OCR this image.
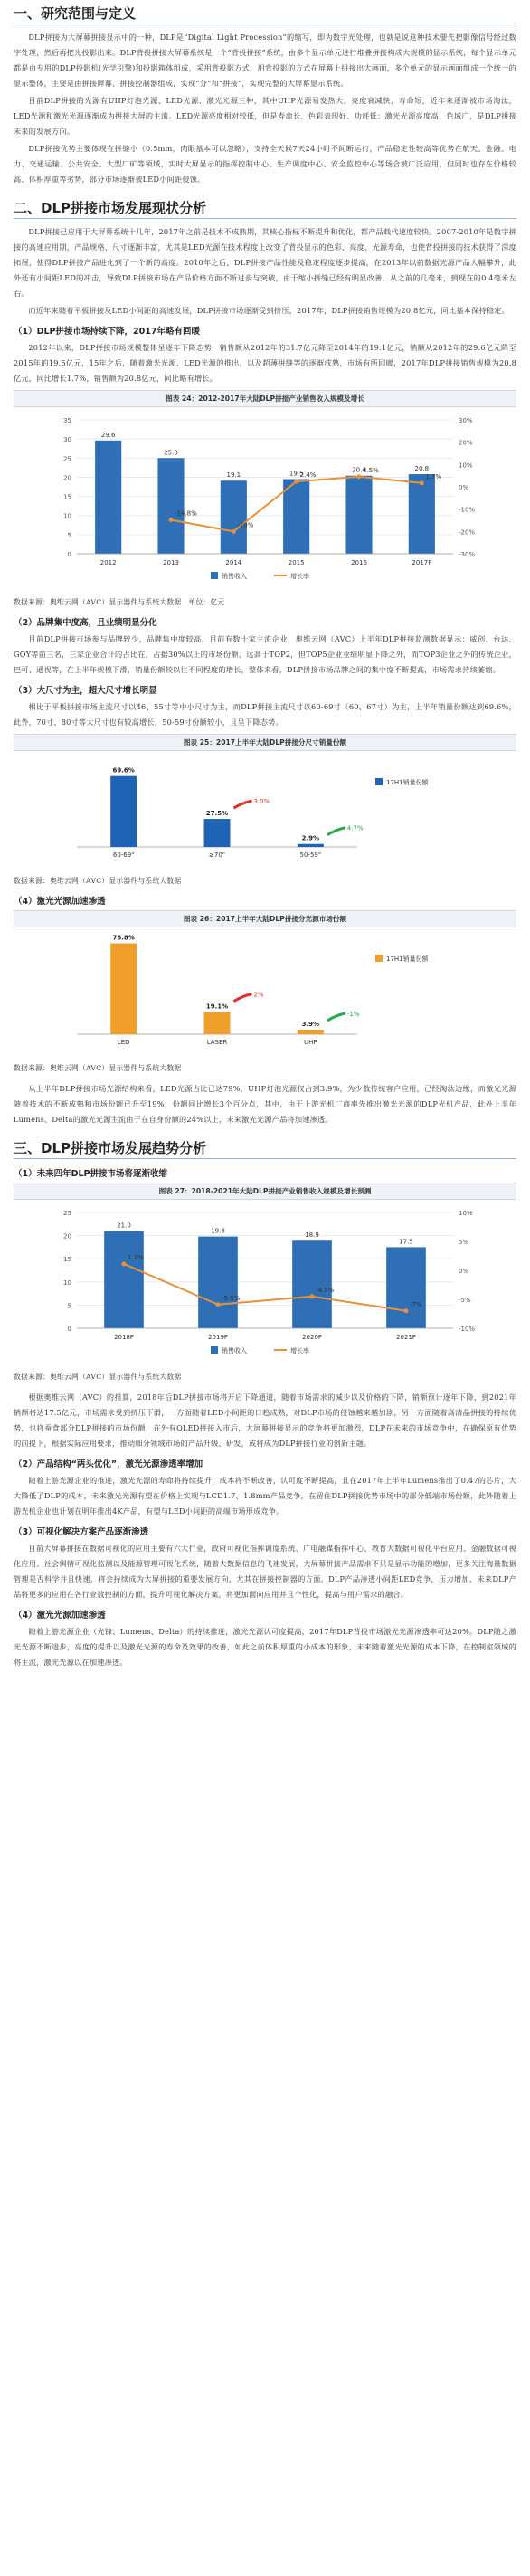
一、研究范围与定义

DLP拼接为大屏幕拼接显示中的一种，DLP是“Digital Light Procession”的缩写，即为数字光处理，也就是说这种技术要先把影像信号经过数字处理，然后再把光投影出来。DLP背投拼接大屏幕系统是一个“背投拼接”系统，由多个显示单元进行堆叠拼接构成大规模的显示系统，每个显示单元都是由专用的DLP投影机(光学引擎)和投影箱体组成，采用背投影方式，用背投影的方式在屏幕上拼接出大画面，多个单元的显示画面组成一个统一的显示整体，主要是由拼接屏幕、拼接控制器组成，实现“分”和“拼接”，实现完整的大屏幕显示系统。

目前DLP拼接的光源有UHP灯泡光源、LED光源、激光光源三种，其中UHP光源易发热大，亮度衰减快，寿命短，近年来逐渐被市场淘汰，LED光源和激光光源逐渐成为拼接大屏的主流。LED光源亮度相对较低，但是寿命长、色彩表现好、功耗低；激光光源亮度高、色域广，是DLP拼接未来的发展方向。

DLP拼接优势主要体现在拼缝小（0.5mm，肉眼基本可以忽略），支持全天候7天24小时不间断运行，产品稳定性较高等优势在航天、金融、电力、交通运输、公共安全、大型厂矿等领域，实时大屏显示的指挥控制中心、生产调度中心、安全监控中心等场合被广泛应用，但同时也存在价格较高、体积厚重等劣势，部分市场逐渐被LED小间距侵蚀。

二、DLP拼接市场发展现状分析

DLP拼接已应用于大屏幕系统十几年，2017年之前是技术不成熟期，其核心指标不断提升和优化，都产品载代速度较快。2007-2010年是数字拼接的高速应用期，产品规格、尺寸逐渐丰富，尤其是LED光源在技术程度上改变了背投显示的色彩、亮度、光源寿命，也使背投拼接的技术获得了深度拓展，使得DLP拼接产品进化到了一个新的高度。2010年之后，DLP拼接产品性能及稳定程度逐步提高，在2013年以前数据光源产品大幅攀升，此外还有小间距LED的冲击，导致DLP拼接市场在产品价格方面不断进步与突破，由于缩小拼缝已经有明显改善，从之前的几毫米，到现在的0.4毫米左右。

而近年来随着平板拼接及LED小间距的高速发展，DLP拼接市场逐渐受到挤压，2017年，DLP拼接销售规模为20.8亿元，同比基本保持稳定。

（1）DLP拼接市场持续下降，2017年略有回暖

2012年以来，DLP拼接市场规模整体呈逐年下降态势，销售额从2012年的31.7亿元降至2014年的19.1亿元，销额从2012年的29.6亿元降至2015年的19.5亿元，15年之后，随着激光光源、LED光源的推出，以及超薄拼缝等的逐渐成熟，市场有所回暖，2017年DLP拼接销售规模为20.8亿元，同比增长1.7%，销售额为20.8亿元，同比略有增长。

图表 24：2012-2017年大陆DLP拼接产业销售收入规模及增长
0
5
10
15
20
25
30
35
-30%
-20%
-10%
0%
10%
20%
30%
29.6
2012
25.0
2013
19.1
2014
19.5
2015
20.4
2016
20.8
2017F
-14.8%
-20%
2.4%
4.5%
1.7%
销售收入	增长率

数据来源：奥维云网（AVC）显示器件与系统大数据　 单位：亿元

（2）品牌集中度高，且业绩明显分化

目前DLP拼接市场参与品牌较少，品牌集中度较高，目前有数十家主流企业，奥维云网（AVC）上半年DLP拼接监测数据显示：威创、台达、GQY等前三名，三家企业合计的占比在，占据30%以上的市场份额，远高于TOP2，但TOP5企业业绩明显下降之外，而TOP3企业之外的传统企业，巴可、通视等，在上半年规模下滑，销量份额较以往不同程度的增长，整体来看，DLP拼接市场品牌之间的集中度不断提高，市场需求持续萎缩。

（3）大尺寸为主，超大尺寸增长明显

相比于平板拼接市场主流尺寸以46、55寸等中小尺寸为主，而DLP拼接主流尺寸以60-69寸（60、67寸）为主，上半年销量份额达到69.6%，此外，70寸、80寸等大尺寸也有较高增长，50-59寸份额较小，且呈下降态势。

图表 25：2017上半年大陆DLP拼接分尺寸销量份额
69.6%
60-69"
27.5%
≥70"
2.9%
50-59"
3.0%
4.7%
17H1销量份额

数据来源：奥维云网（AVC）显示器件与系统大数据

（4）激光光源加速渗透
图表 26：2017上半年大陆DLP拼接分光源市场份额
78.8%
LED
19.1%
LASER
3.9%
UHP
2%
-1%
17H1销量份额

数据来源：奥维云网（AVC）显示器件与系统大数据

从上半年DLP拼接市场光源结构来看，LED光源占比已达79%，UHP灯泡光源仅占到3.9%，为少数传统客户应用，已经淘汰边缘，而激光光源随着技术的不断成熟和市场份额已升至19%，份额同比增长3个百分点，其中，由于上游光机厂商率先推出激光光源的DLP光机产品，此外上半年Lumens、Delta的激光光源主流由于在自身份额的24%以上，未来激光光源产品将加速渗透。

三、DLP拼接市场发展趋势分析
（1）未来四年DLP拼接市场将逐渐收缩
图表 27：2018-2021年大陆DLP拼接产业销售收入规模及增长预测
0
5
10
15
20
25
-10%
-5%
0%
5%
10%
21.0
2018F
19.8
2019F
18.9
2020F
17.5
2021F
1.1%
-5.9%
-4.5%
-7%
销售收入	增长率

数据来源：奥维云网（AVC）显示器件与系统大数据

根据奥维云网（AVC）的推算，2018年后DLP拼接市场将开启下降通道，随着市场需求的减少以及价格的下降，销额预计逐年下降，到2021年销额将达17.5亿元，市场需求受到挤压下滑，一方面随着LED小间距的日趋成熟，对DLP市场的侵蚀越来越加剧，另一方面随着高清晶拼接的持续优势，也将蚕食部分DLP拼接的市场份额，在外有OLED拼接入市后，大屏幕拼接显示的竞争将更加激烈，DLP在未来的市场竞争中，在确保原有优势的前提下，根据实际应用要求，推动细分领域市场的产品升级、研发，或将成为DLP拼接行业的创新主题。

（2）产品结构“两头优化”，激光光源渗透率增加

随着上游光源企业的推进，激光光源的寿命将持续提升，成本将不断改善，认可度不断提高，且在2017年上半年Lumens推出了0.47的芯片，大大降低了DLP的成本，未来激光光源有望在价格上实现与LCD1.7、1.8mm产品竞争，在留住DLP拼接优势市场中的部分低端市场份额，此外随着上游光机企业也计划在明年推出4K产品，有望与LED小间距的高端市场形成竞争。

（3）可视化解决方案产品逐渐渗透

目前大屏幕拼接在数据可视化的应用主要有六大行业，政府可视化指挥调度系统、广电融媒指挥中心、教育大数据可视化平台应用、金融数据可视化应用、社会舆情可视化监测以及能源管理可视化系统，随着大数据信息的飞速发展，大屏幕拼接产品需求不只是显示功能的增加，更多关注海量数据管理是否科学并且快速，将会持续成为大屏拼接的重要发展方向，尤其在拼接控制器的方面，DLP产品渗透小间距LED竞争，压力增加，未来DLP产品将更多的应用在各行业数控制的方面，提升可视化解决方案，将更加面向应用并且个性化，提高与用户需求的融合。

（4）激光光源加速渗透

随着上游光源企业（光锋、Lumens、Delta）的持续推进，激光光源认可度提高，2017年DLP背投市场激光光源渗透率可达20%。DLP随之激光光源不断进步，亮度的提升以及激光光源的寿命及效果的改善，如此之前体积厚重的小成本的形象，未来随着激光光源的成本下降，在控制室领域的将主流，激光光源以在加速渗透。
